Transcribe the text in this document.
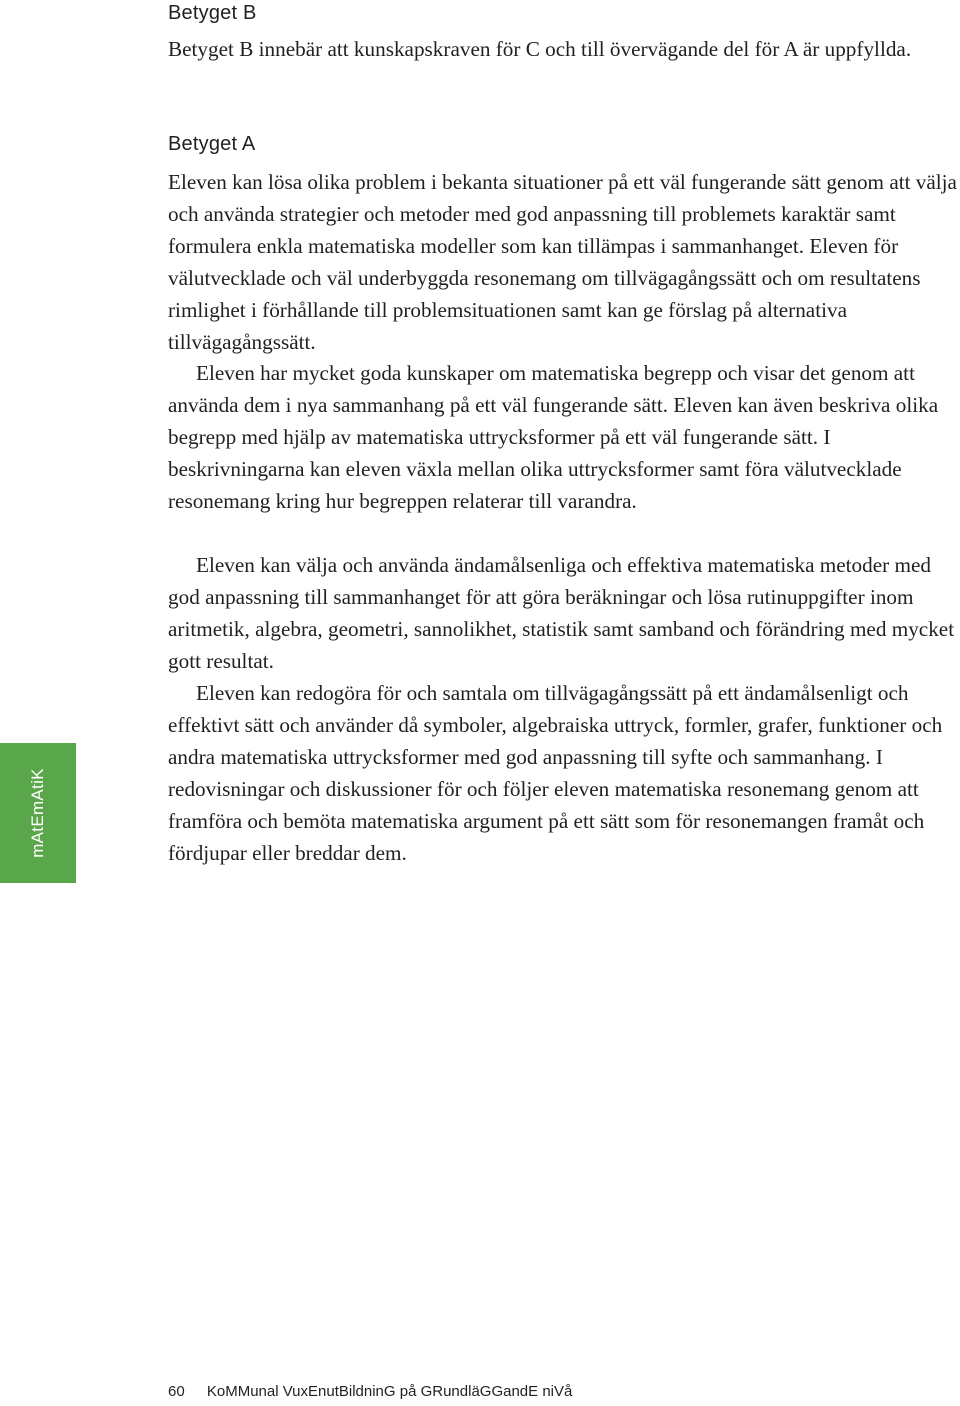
mAtEmAtiK
Betyget B

Betyget B innebär att kunskapskraven för C och till övervägande del för A är uppfyllda.

Betyget A

Eleven kan lösa olika problem i bekanta situationer på ett väl fungerande sätt genom att välja och använda strategier och metoder med god anpassning till problemets karaktär samt formulera enkla matematiska modeller som kan tillämpas i sammanhanget. Eleven för välutvecklade och väl underbyggda resonemang om tillvägagångssätt och om resultatens rimlighet i förhållande till problemsituationen samt kan ge förslag på alternativa tillvägagångssätt.

Eleven har mycket goda kunskaper om matematiska begrepp och visar det genom att använda dem i nya sammanhang på ett väl fungerande sätt. Eleven kan även beskriva olika begrepp med hjälp av matematiska uttrycksformer på ett väl fungerande sätt. I beskrivningarna kan eleven växla mellan olika uttrycksformer samt föra välutvecklade resonemang kring hur begreppen relaterar till varandra.

Eleven kan välja och använda ändamålsenliga och effektiva matematiska metoder med god anpassning till sammanhanget för att göra beräkningar och lösa rutinuppgifter inom aritmetik, algebra, geometri, sannolikhet, statistik samt samband och förändring med mycket gott resultat.

Eleven kan redogöra för och samtala om tillvägagångssätt på ett ändamålsenligt och effektivt sätt och använder då symboler, algebraiska uttryck, formler, grafer, funktioner och andra matematiska uttrycksformer med god anpassning till syfte och sammanhang. I redovisningar och diskussioner för och följer eleven matematiska resonemang genom att framföra och bemöta matematiska argument på ett sätt som för resonemangen framåt och fördjupar eller breddar dem.

60 KoMMunal VuxEnutBildninG på GRundläGGandE niVå
